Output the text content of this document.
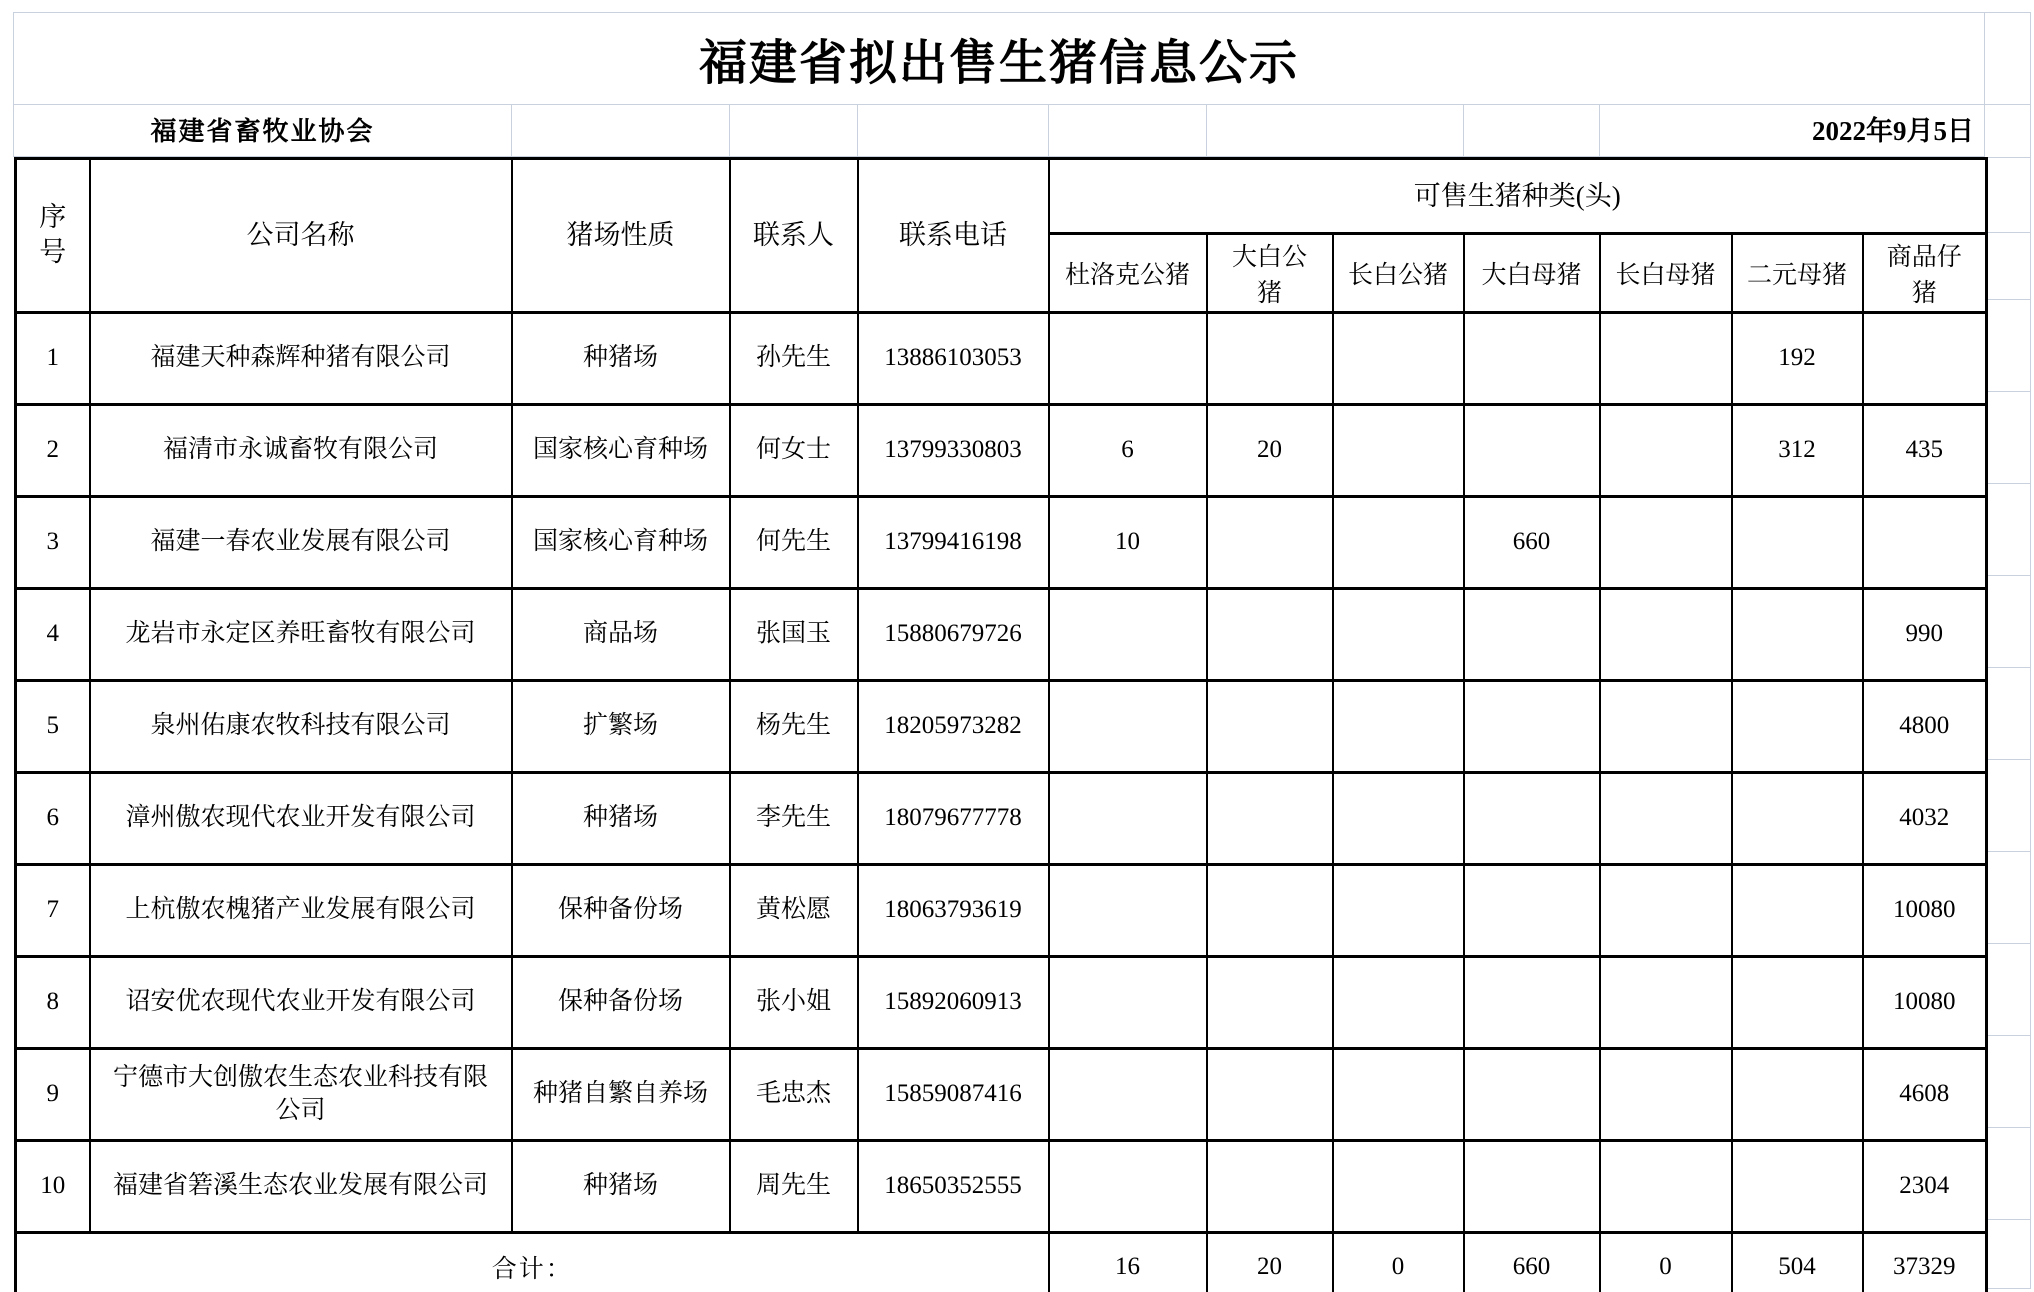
福建省拟出售生猪信息公示
福建省畜牧业协会	2022年9月5日
序号	公司名称	猪场性质	联系人	联系电话	可售生猪种类(头)						
					杜洛克公猪	大白公猪	长白公猪	大白母猪	长白母猪	二元母猪	商品仔猪
1	福建天种森辉种猪有限公司	种猪场	孙先生	13886103053						192	
2	福清市永诚畜牧有限公司	国家核心育种场	何女士	13799330803	6	20				312	435
3	福建一春农业发展有限公司	国家核心育种场	何先生	13799416198	10			660			
4	龙岩市永定区养旺畜牧有限公司	商品场	张国玉	15880679726							990
5	泉州佑康农牧科技有限公司	扩繁场	杨先生	18205973282							4800
6	漳州傲农现代农业开发有限公司	种猪场	李先生	18079677778							4032
7	上杭傲农槐猪产业发展有限公司	保种备份场	黄松愿	18063793619							10080
8	诏安优农现代农业开发有限公司	保种备份场	张小姐	15892060913							10080
9	宁德市大创傲农生态农业科技有限公司	种猪自繁自养场	毛忠杰	15859087416							4608
10	福建省箬溪生态农业发展有限公司	种猪场	周先生	18650352555							2304
合计：					16	20	0	660	0	504	37329
